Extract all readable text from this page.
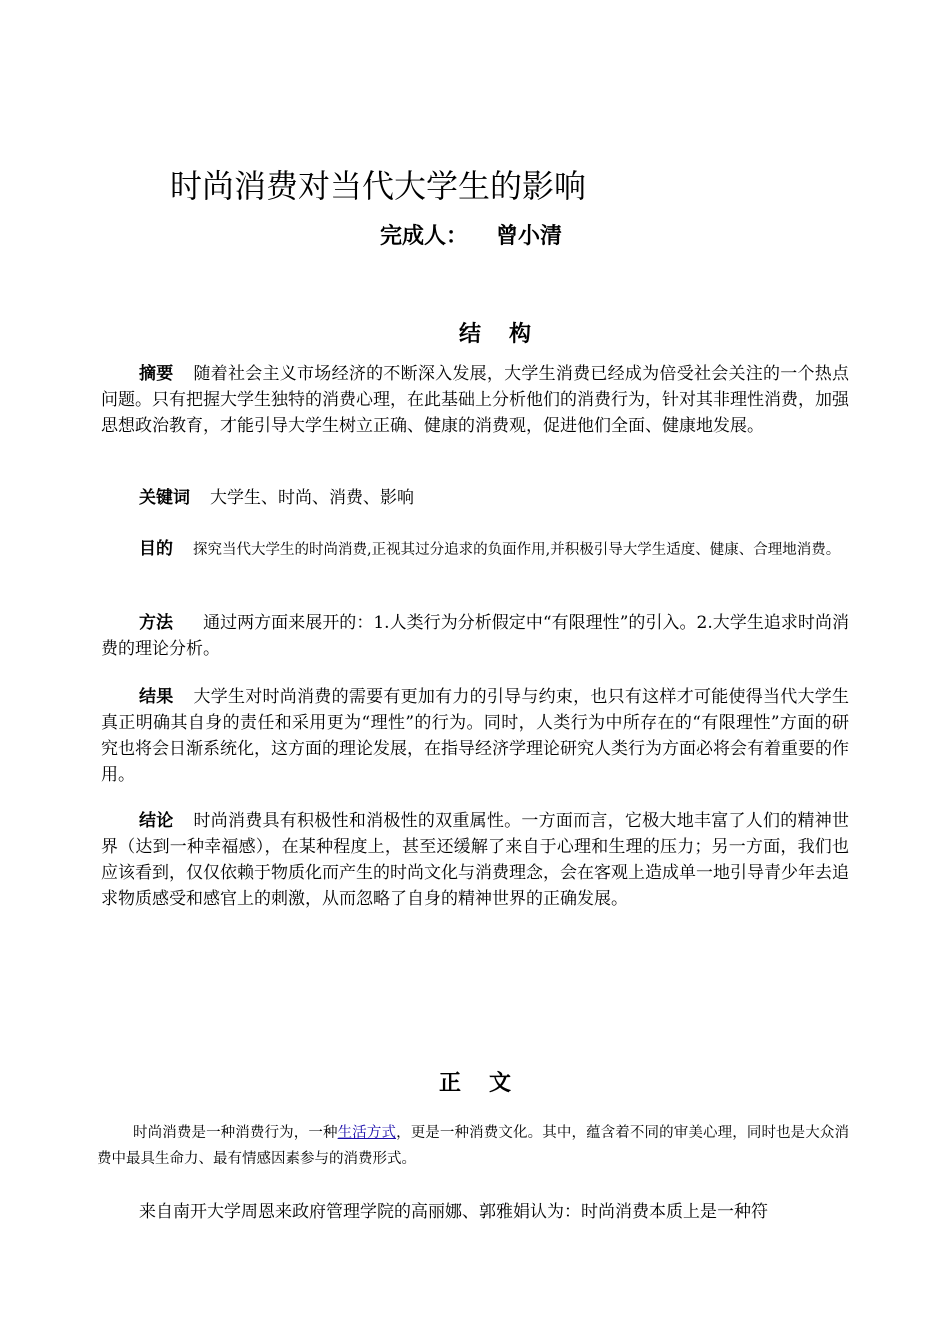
时尚消费对当代大学生的影响
完成人： 曾小清
结 构
摘要 随着社会主义市场经济的不断深入发展，大学生消费已经成为倍受社会关注的一个热点问题。只有把握大学生独特的消费心理，在此基础上分析他们的消费行为，针对其非理性消费，加强思想政治教育，才能引导大学生树立正确、健康的消费观，促进他们全面、健康地发展。
关键词 大学生、时尚、消费、影响
目的 探究当代大学生的时尚消费,正视其过分追求的负面作用,并积极引导大学生适度、健康、合理地消费。
方法 通过两方面来展开的：1.人类行为分析假定中“有限理性”的引入。2.大学生追求时尚消费的理论分析。
结果 大学生对时尚消费的需要有更加有力的引导与约束，也只有这样才可能使得当代大学生真正明确其自身的责任和采用更为“理性”的行为。同时，人类行为中所存在的“有限理性”方面的研究也将会日渐系统化，这方面的理论发展，在指导经济学理论研究人类行为方面必将会有着重要的作用。
结论 时尚消费具有积极性和消极性的双重属性。一方面而言，它极大地丰富了人们的精神世界（达到一种幸福感），在某种程度上，甚至还缓解了来自于心理和生理的压力；另一方面，我们也应该看到，仅仅依赖于物质化而产生的时尚文化与消费理念，会在客观上造成单一地引导青少年去追求物质感受和感官上的刺激，从而忽略了自身的精神世界的正确发展。
正 文
时尚消费是一种消费行为，一种生活方式，更是一种消费文化。其中，蕴含着不同的审美心理，同时也是大众消费中最具生命力、最有情感因素参与的消费形式。
来自南开大学周恩来政府管理学院的高丽娜、郭雅娟认为：时尚消费本质上是一种符
